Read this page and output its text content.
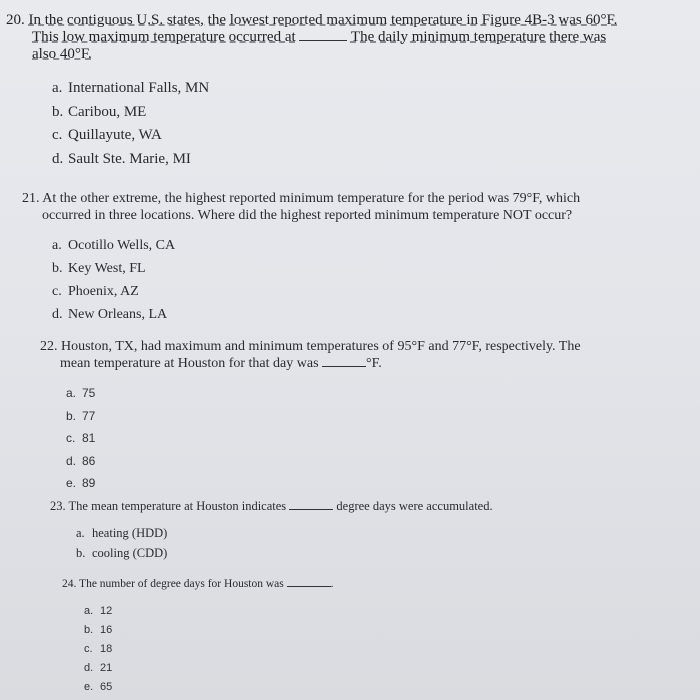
20. In the contiguous U.S. states, the lowest reported maximum temperature in Figure 4B-3 was 60°F.
This low maximum temperature occurred at	The daily minimum temperature there was
also 40°F.

a. International Falls, MN
b. Caribou, ME
c. Quillayute, WA
d. Sault Ste. Marie, MI

21. At the other extreme, the highest reported minimum temperature for the period was 79°F, which
occurred in three locations. Where did the highest reported minimum temperature NOT occur?

a. Ocotillo Wells, CA
b. Key West, FL
c. Phoenix, AZ
d. New Orleans, LA

22. Houston, TX, had maximum and minimum temperatures of 95°F and 77°F, respectively. The
mean temperature at Houston for that day was	°F.

a. 75
b. 77
c. 81
d. 86
e. 89

23. The mean temperature at Houston indicates	degree days were accumulated.

a. heating (HDD)
b. cooling (CDD)

24. The number of degree days for Houston was	.

a. 12
b. 16
c. 18
d. 21
e. 65
